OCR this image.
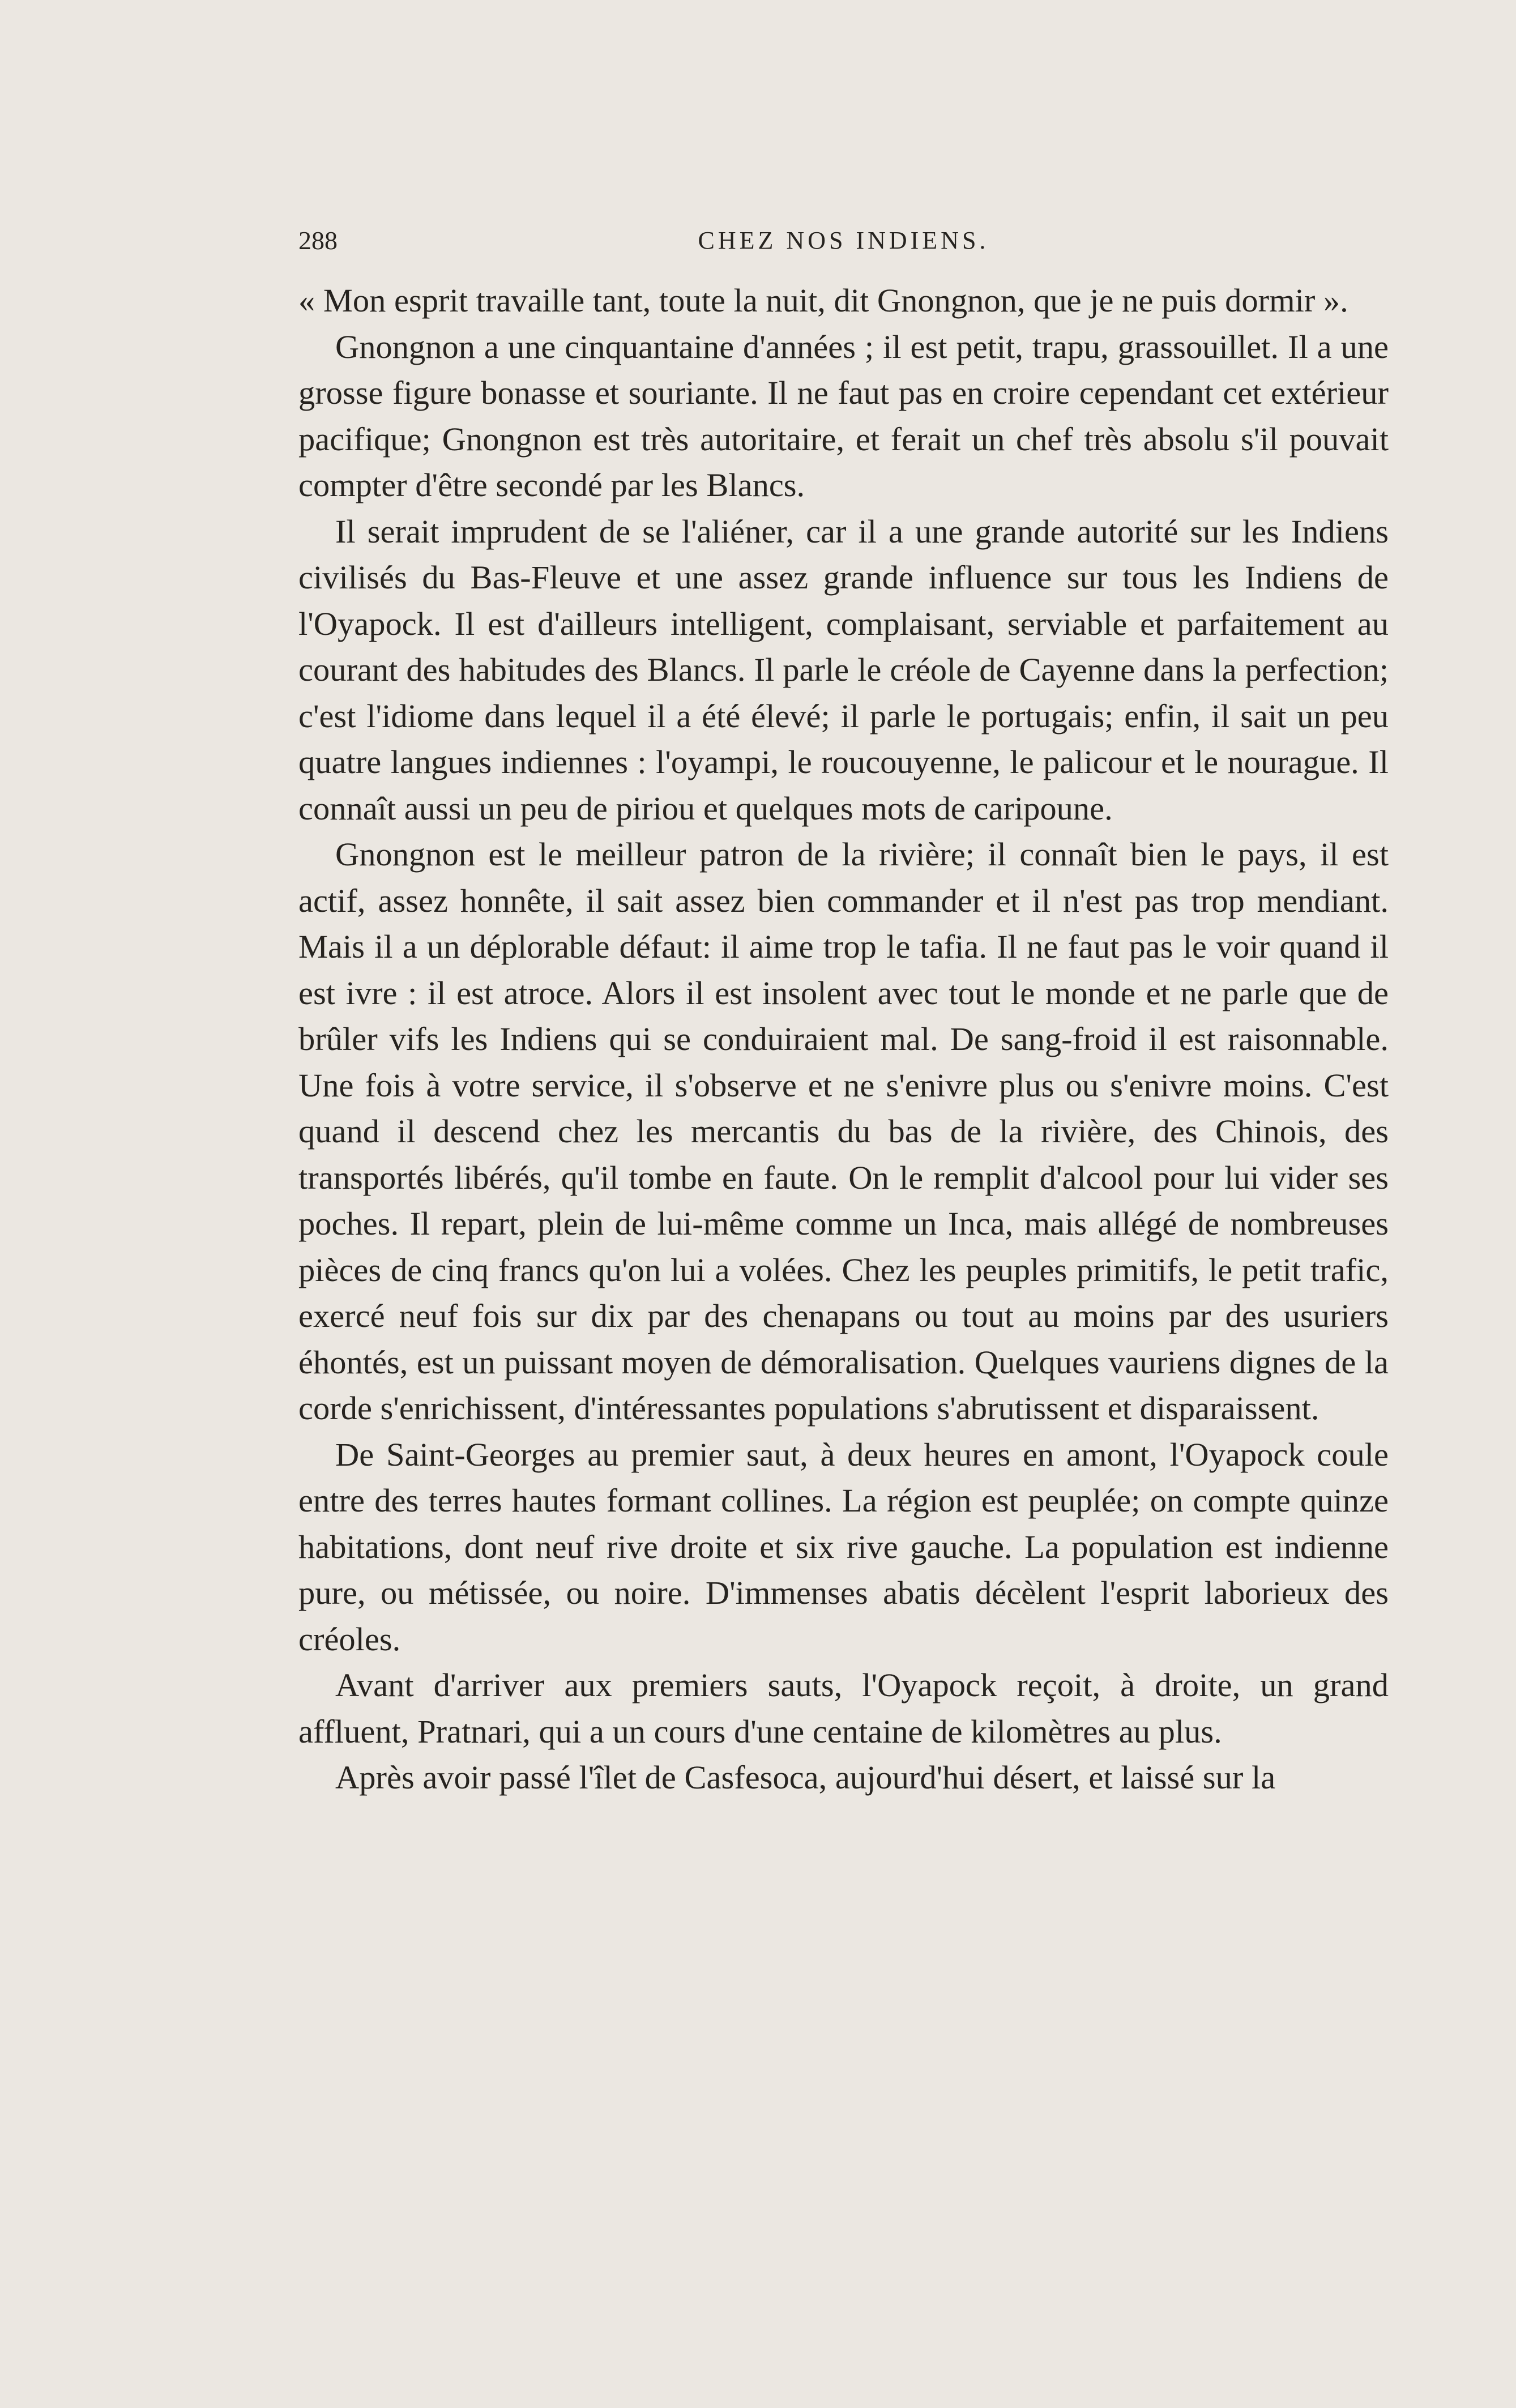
288	CHEZ NOS INDIENS.

« Mon esprit travaille tant, toute la nuit, dit Gnongnon, que je ne puis dormir ».

Gnongnon a une cinquantaine d'années ; il est petit, trapu, grassouillet. Il a une grosse figure bonasse et souriante. Il ne faut pas en croire cependant cet extérieur pacifique; Gnongnon est très autoritaire, et ferait un chef très absolu s'il pouvait compter d'être secondé par les Blancs.

Il serait imprudent de se l'aliéner, car il a une grande autorité sur les Indiens civilisés du Bas-Fleuve et une assez grande influence sur tous les Indiens de l'Oyapock. Il est d'ailleurs intelligent, complaisant, serviable et parfaitement au courant des habitudes des Blancs. Il parle le créole de Cayenne dans la perfection; c'est l'idiome dans lequel il a été élevé; il parle le portugais; enfin, il sait un peu quatre langues indiennes : l'oyampi, le roucouyenne, le palicour et le nourague. Il connaît aussi un peu de piriou et quelques mots de caripoune.

Gnongnon est le meilleur patron de la rivière; il connaît bien le pays, il est actif, assez honnête, il sait assez bien commander et il n'est pas trop mendiant. Mais il a un déplorable défaut: il aime trop le tafia. Il ne faut pas le voir quand il est ivre : il est atroce. Alors il est insolent avec tout le monde et ne parle que de brûler vifs les Indiens qui se conduiraient mal. De sang-froid il est raisonnable. Une fois à votre service, il s'observe et ne s'enivre plus ou s'enivre moins. C'est quand il descend chez les mercantis du bas de la rivière, des Chinois, des transportés libérés, qu'il tombe en faute. On le remplit d'alcool pour lui vider ses poches. Il repart, plein de lui-même comme un Inca, mais allégé de nombreuses pièces de cinq francs qu'on lui a volées. Chez les peuples primitifs, le petit trafic, exercé neuf fois sur dix par des chenapans ou tout au moins par des usuriers éhontés, est un puissant moyen de démoralisation. Quelques vauriens dignes de la corde s'enrichissent, d'intéressantes populations s'abrutissent et disparaissent.

De Saint-Georges au premier saut, à deux heures en amont, l'Oyapock coule entre des terres hautes formant collines. La région est peuplée; on compte quinze habitations, dont neuf rive droite et six rive gauche. La population est indienne pure, ou métissée, ou noire. D'immenses abatis décèlent l'esprit laborieux des créoles.

Avant d'arriver aux premiers sauts, l'Oyapock reçoit, à droite, un grand affluent, Pratnari, qui a un cours d'une centaine de kilomètres au plus.

Après avoir passé l'îlet de Casfesoca, aujourd'hui désert, et laissé sur la
